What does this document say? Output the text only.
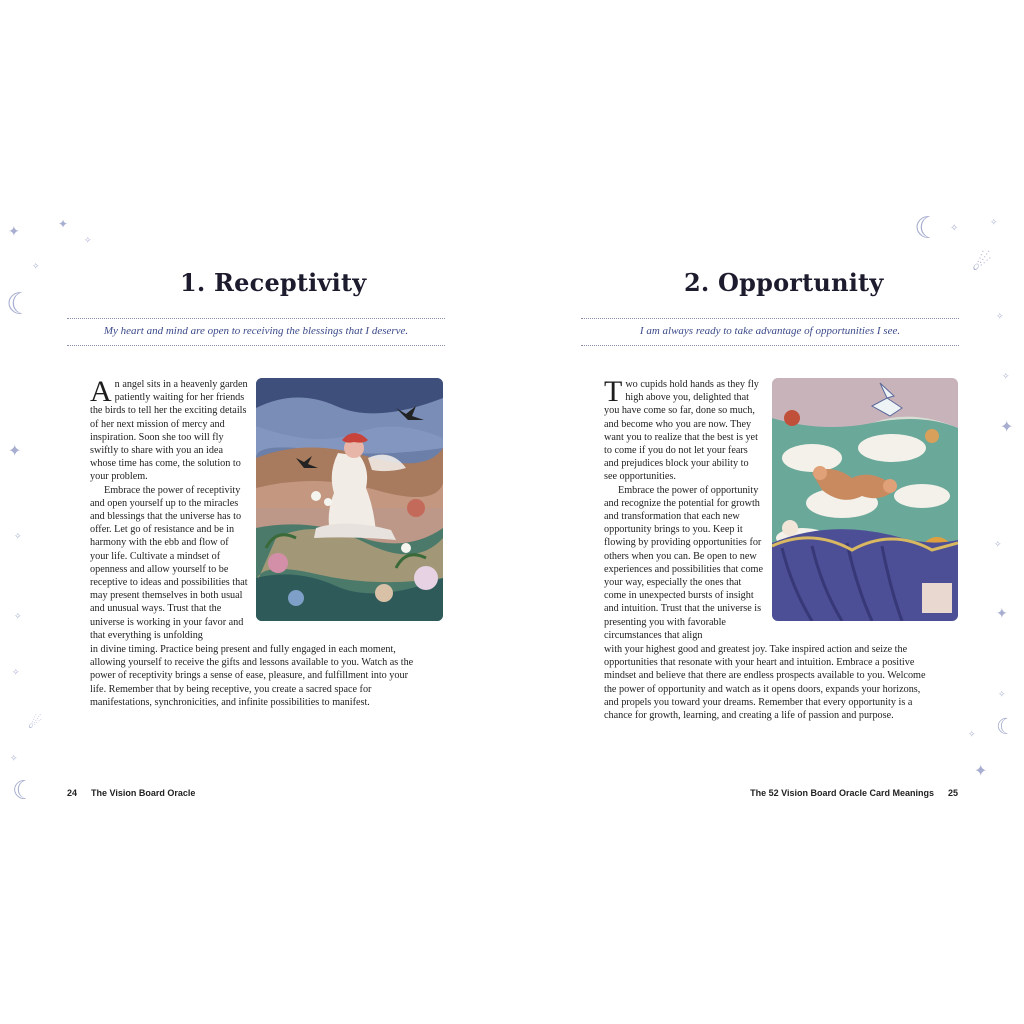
✦
✦
✧
✧
☾
✦
✧
✧
✧
☄
✧
☾
☾ ✧
✧
☄
✧
✧
✦
✧
✦
✧
✧ ☾
✦
1. Receptivity
My heart and mind are open to receiving the blessings that I deserve.

An angel sits in a heavenly garden patiently waiting for her friends the birds to tell her the exciting details of her next mission of mercy and inspiration. Soon she too will fly swiftly to share with you an idea whose time has come, the solution to your problem.

Embrace the power of receptivity and open yourself up to the miracles and blessings that the universe has to offer. Let go of resistance and be in harmony with the ebb and flow of your life. Cultivate a mindset of openness and allow yourself to be receptive to ideas and possibilities that may present themselves in both usual and unusual ways. Trust that the universe is working in your favor and that everything is unfolding

in divine timing. Practice being present and fully engaged in each moment, allowing yourself to receive the gifts and lessons available to you. Watch as the power of receptivity brings a sense of ease, pleasure, and fulfillment into your life. Remember that by being receptive, you create a sacred space for manifestations, synchronicities, and infinite possibilities to manifest.

24 The Vision Board Oracle
2. Opportunity
I am always ready to take advantage of opportunities I see.

Two cupids hold hands as they fly high above you, delighted that you have come so far, done so much, and become who you are now. They want you to realize that the best is yet to come if you do not let your fears and prejudices block your ability to see opportunities.

Embrace the power of opportunity and recognize the potential for growth and transformation that each new opportunity brings to you. Keep it flowing by providing opportunities for others when you can. Be open to new experiences and possibilities that come your way, especially the ones that come in unexpected bursts of insight and intuition. Trust that the universe is presenting you with favorable circumstances that align

with your highest good and greatest joy. Take inspired action and seize the opportunities that resonate with your heart and intuition. Embrace a positive mindset and believe that there are endless prospects available to you. Welcome the power of opportunity and watch as it opens doors, expands your horizons, and propels you toward your dreams. Remember that every opportunity is a chance for growth, learning, and creating a life of passion and purpose.

The 52 Vision Board Oracle Card Meanings 25
